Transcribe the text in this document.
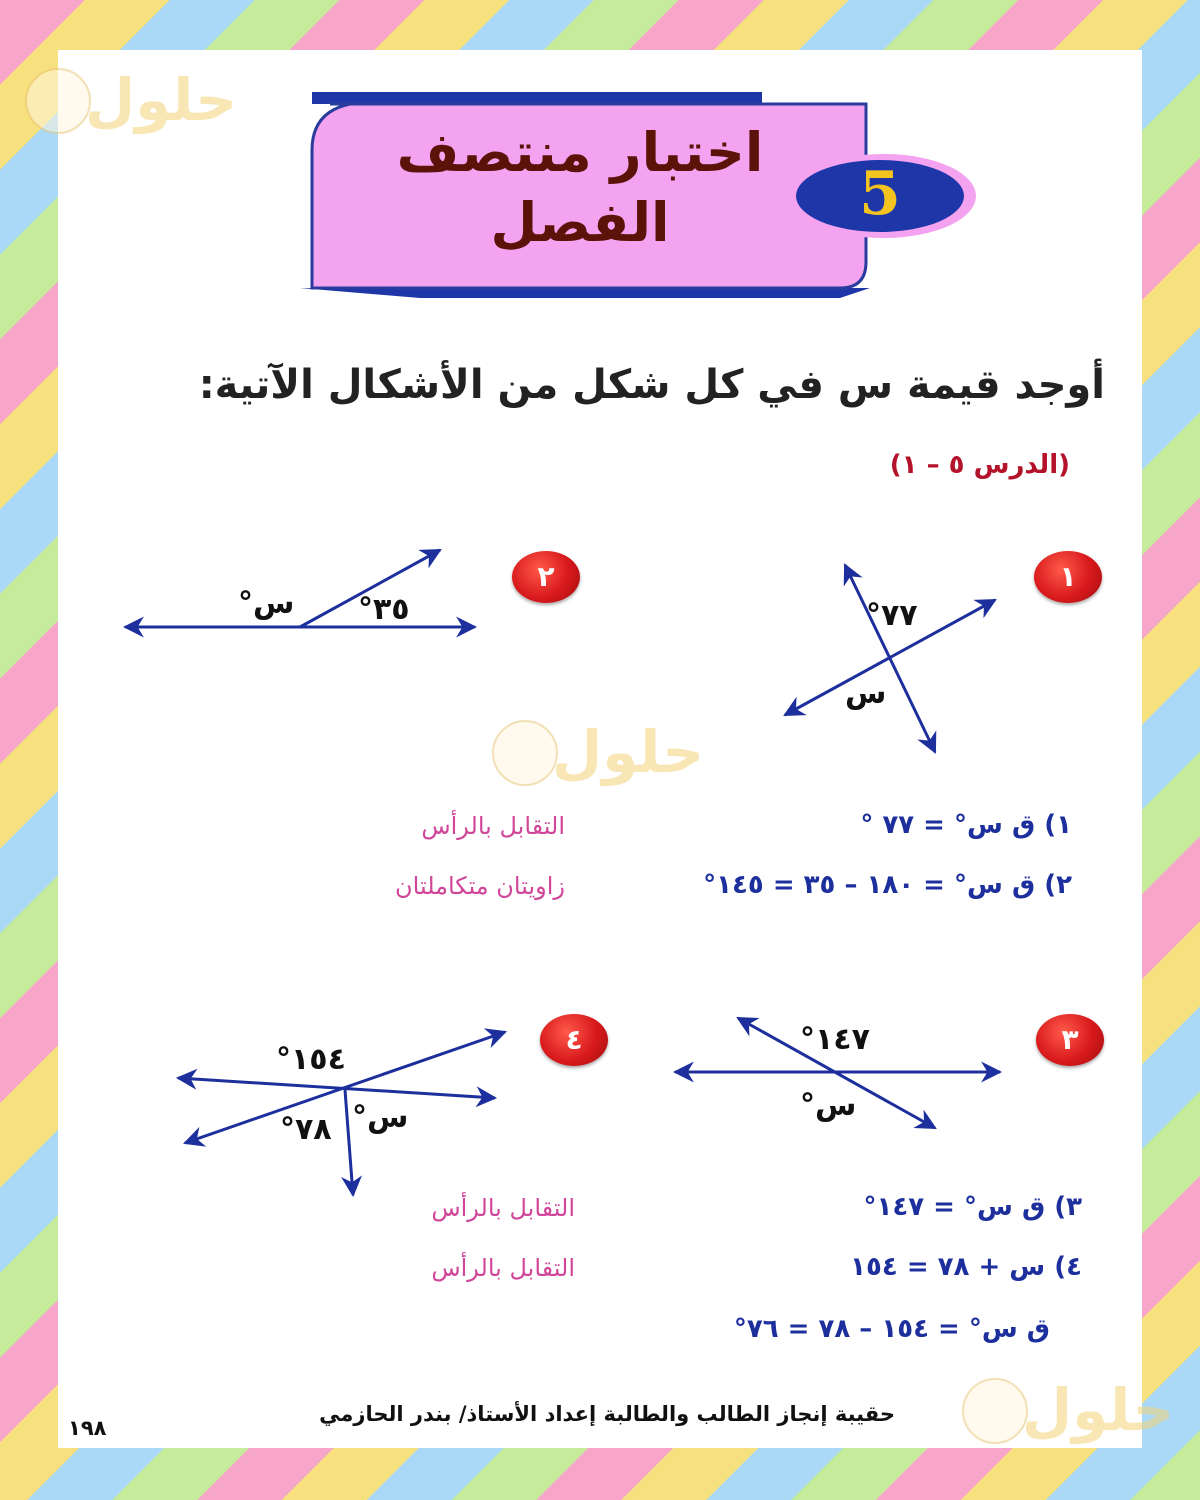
حلول
حلول
حلول
اختبار منتصف
الفصل	5
أوجد قيمة س في كل شكل من الأشكال الآتية:
(الدرس ٥ – ١)
٧٧°
س
٣٥°
س°
١٤٧°
س°
١٥٤°
٧٨° س°
١
٢
٣
٤
١) ق س° = ٧٧ °
التقابل بالرأس
٢) ق س° = ١٨٠ – ٣٥ = ١٤٥°
زاويتان متكاملتان
٣) ق س° = ١٤٧°
التقابل بالرأس
٤) س + ٧٨ = ١٥٤
التقابل بالرأس
ق س° = ١٥٤ – ٧٨ = ٧٦°
حقيبة إنجاز الطالب والطالبة إعداد الأستاذ/ بندر الحازمي
١٩٨
